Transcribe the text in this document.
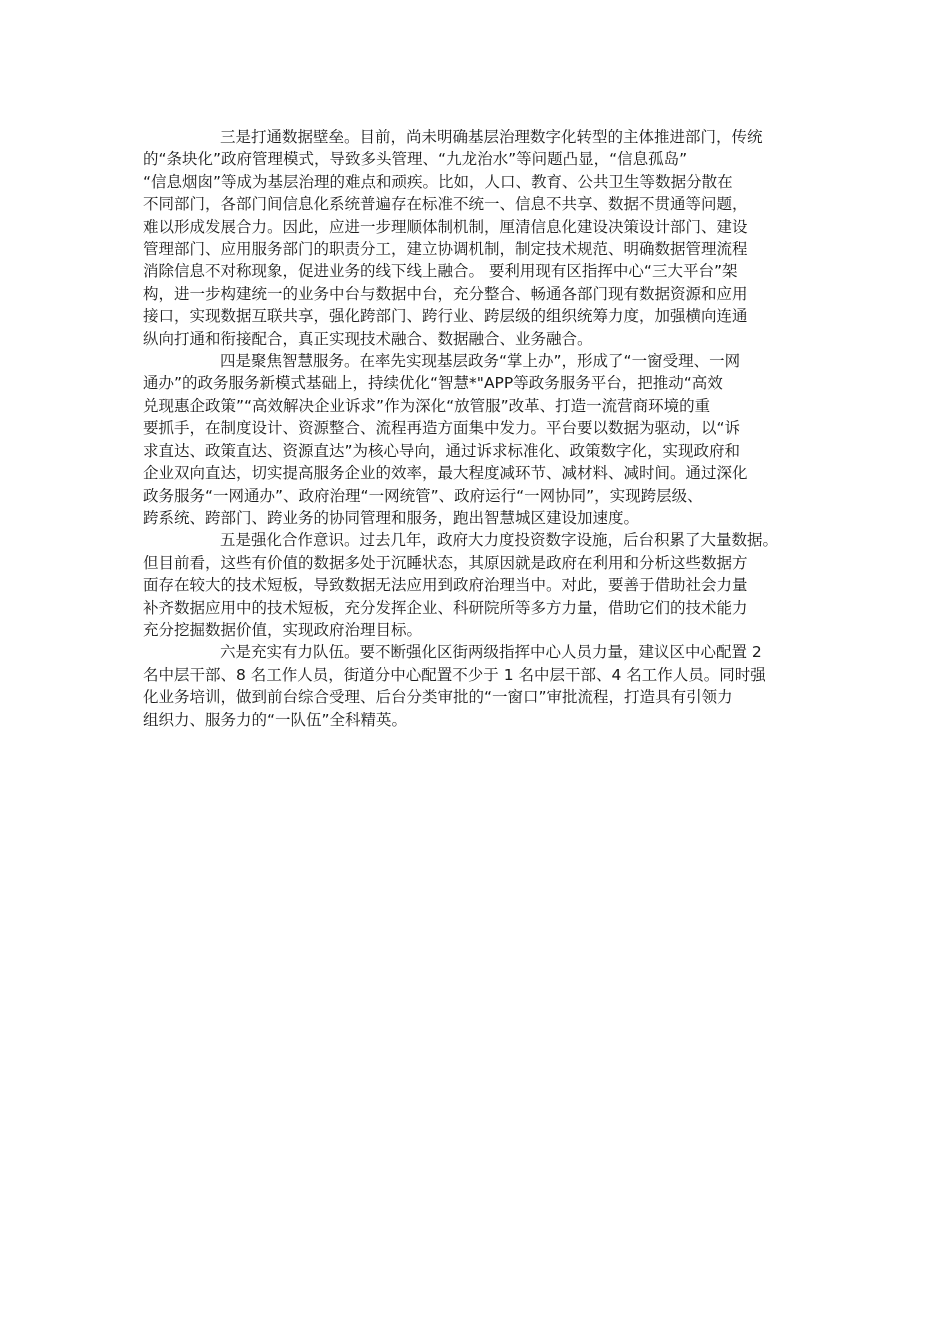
三是打通数据壁垒。目前，尚未明确基层治理数字化转型的主体推进部门，传统
的“条块化”政府管理模式，导致多头管理、“九龙治水”等问题凸显，“信息孤岛”
“信息烟囱”等成为基层治理的难点和顽疾。比如，人口、教育、公共卫生等数据分散在
不同部门，各部门间信息化系统普遍存在标准不统一、信息不共享、数据不贯通等问题，
难以形成发展合力。因此，应进一步理顺体制机制，厘清信息化建设决策设计部门、建设
管理部门、应用服务部门的职责分工，建立协调机制，制定技术规范、明确数据管理流程
消除信息不对称现象，促进业务的线下线上融合。 要利用现有区指挥中心“三大平台”架
构，进一步构建统一的业务中台与数据中台，充分整合、畅通各部门现有数据资源和应用
接口，实现数据互联共享，强化跨部门、跨行业、跨层级的组织统筹力度，加强横向连通
纵向打通和衔接配合，真正实现技术融合、数据融合、业务融合。

四是聚焦智慧服务。在率先实现基层政务“掌上办”，形成了“一窗受理、一网
通办”的政务服务新模式基础上，持续优化“智慧*"APP等政务服务平台，把推动“高效
兑现惠企政策”“高效解决企业诉求”作为深化“放管服”改革、打造一流营商环境的重
要抓手，在制度设计、资源整合、流程再造方面集中发力。平台要以数据为驱动，以“诉
求直达、政策直达、资源直达”为核心导向，通过诉求标准化、政策数字化，实现政府和
企业双向直达，切实提高服务企业的效率，最大程度减环节、减材料、减时间。通过深化
政务服务“一网通办”、政府治理“一网统管”、政府运行“一网协同”，实现跨层级、
跨系统、跨部门、跨业务的协同管理和服务，跑出智慧城区建设加速度。

五是强化合作意识。过去几年，政府大力度投资数字设施，后台积累了大量数据。
但目前看，这些有价值的数据多处于沉睡状态，其原因就是政府在利用和分析这些数据方
面存在较大的技术短板，导致数据无法应用到政府治理当中。对此，要善于借助社会力量
补齐数据应用中的技术短板，充分发挥企业、科研院所等多方力量，借助它们的技术能力
充分挖掘数据价值，实现政府治理目标。

六是充实有力队伍。要不断强化区街两级指挥中心人员力量，建议区中心配置 2
名中层干部、8 名工作人员，街道分中心配置不少于 1 名中层干部、4 名工作人员。同时强
化业务培训，做到前台综合受理、后台分类审批的“一窗口”审批流程，打造具有引领力
组织力、服务力的“一队伍”全科精英。
